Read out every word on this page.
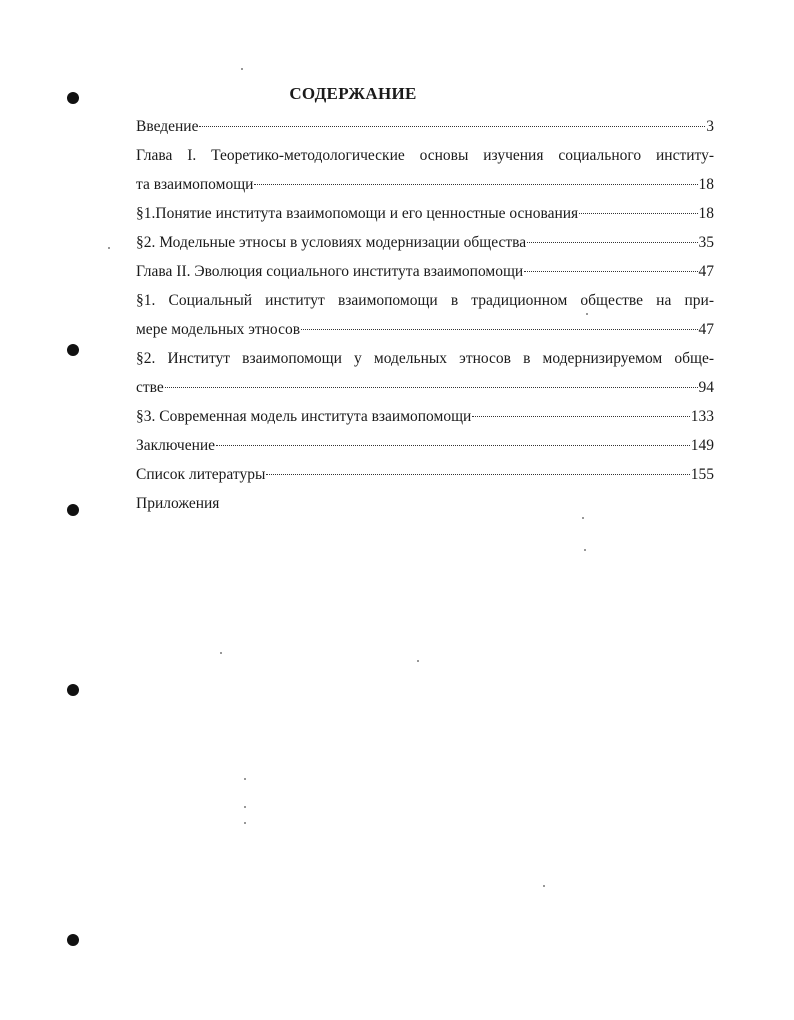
СОДЕРЖАНИЕ
Введение	3
Глава I. Теоретико-методологические основы изучения социального институ-
та взаимопомощи	18
§1.Понятие института взаимопомощи и его ценностные основания	18
§2. Модельные этносы в условиях модернизации общества	35
Глава II. Эволюция социального института взаимопомощи	47
§1. Социальный институт взаимопомощи в традиционном обществе на при-
мере модельных этносов	47
§2. Институт взаимопомощи у модельных этносов в модернизируемом обще-
стве	94
§3. Современная модель института взаимопомощи	133
Заключение	149
Список литературы	155
Приложения
